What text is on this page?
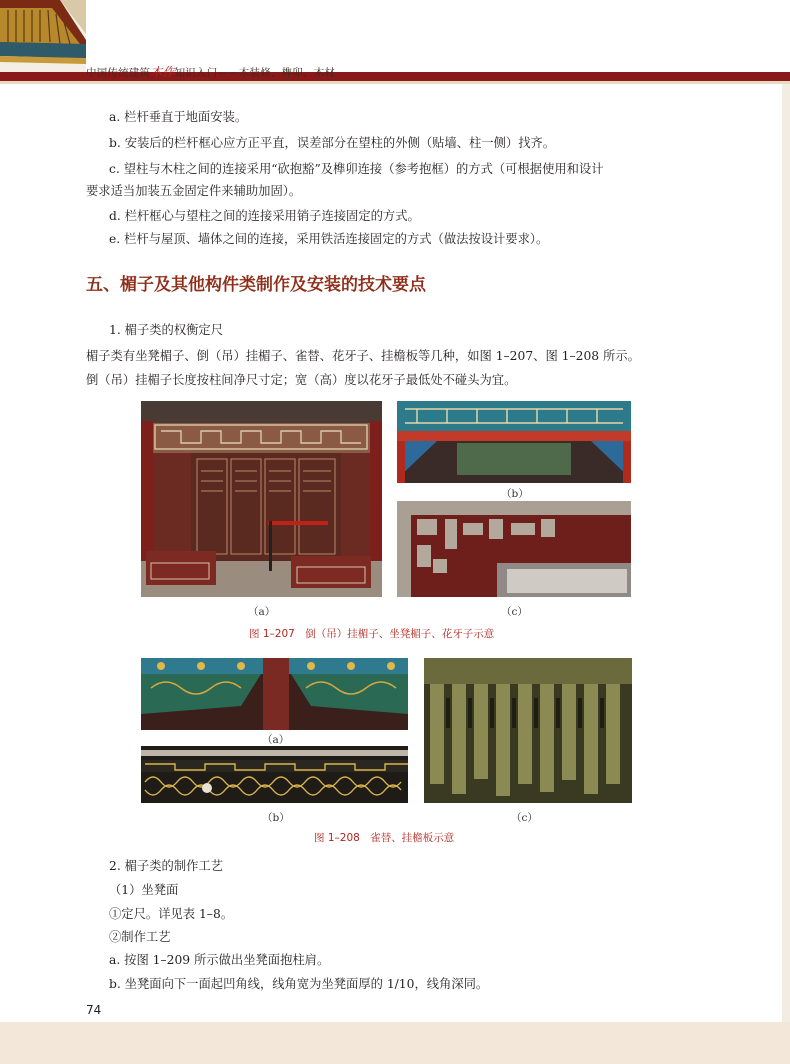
中国传统建筑木作知识入门——木装修、榫卯、木材
a. 栏杆垂直于地面安装。
b. 安装后的栏杆框心应方正平直，误差部分在望柱的外侧（贴墙、柱一侧）找齐。
c. 望柱与木柱之间的连接采用“砍抱豁”及榫卯连接（参考抱框）的方式（可根据使用和设计
要求适当加装五金固定件来辅助加固）。
d. 栏杆框心与望柱之间的连接采用销子连接固定的方式。
e. 栏杆与屋顶、墙体之间的连接，采用铁活连接固定的方式（做法按设计要求）。
五、楣子及其他构件类制作及安装的技术要点
1. 楣子类的权衡定尺
楣子类有坐凳楣子、倒（吊）挂楣子、雀替、花牙子、挂檐板等几种，如图 1–207、图 1–208 所示。
倒（吊）挂楣子长度按柱间净尺寸定；宽（高）度以花牙子最低处不碰头为宜。
（a）
（b）
（c）
图 1–207　倒（吊）挂楣子、坐凳楣子、花牙子示意
（a）
（b）	（c）
图 1–208　雀替、挂檐板示意
2. 楣子类的制作工艺
（1）坐凳面
①定尺。详见表 1–8。
②制作工艺
a. 按图 1–209 所示做出坐凳面抱柱肩。
b. 坐凳面向下一面起凹角线，线角宽为坐凳面厚的 1/10，线角深同。
74
